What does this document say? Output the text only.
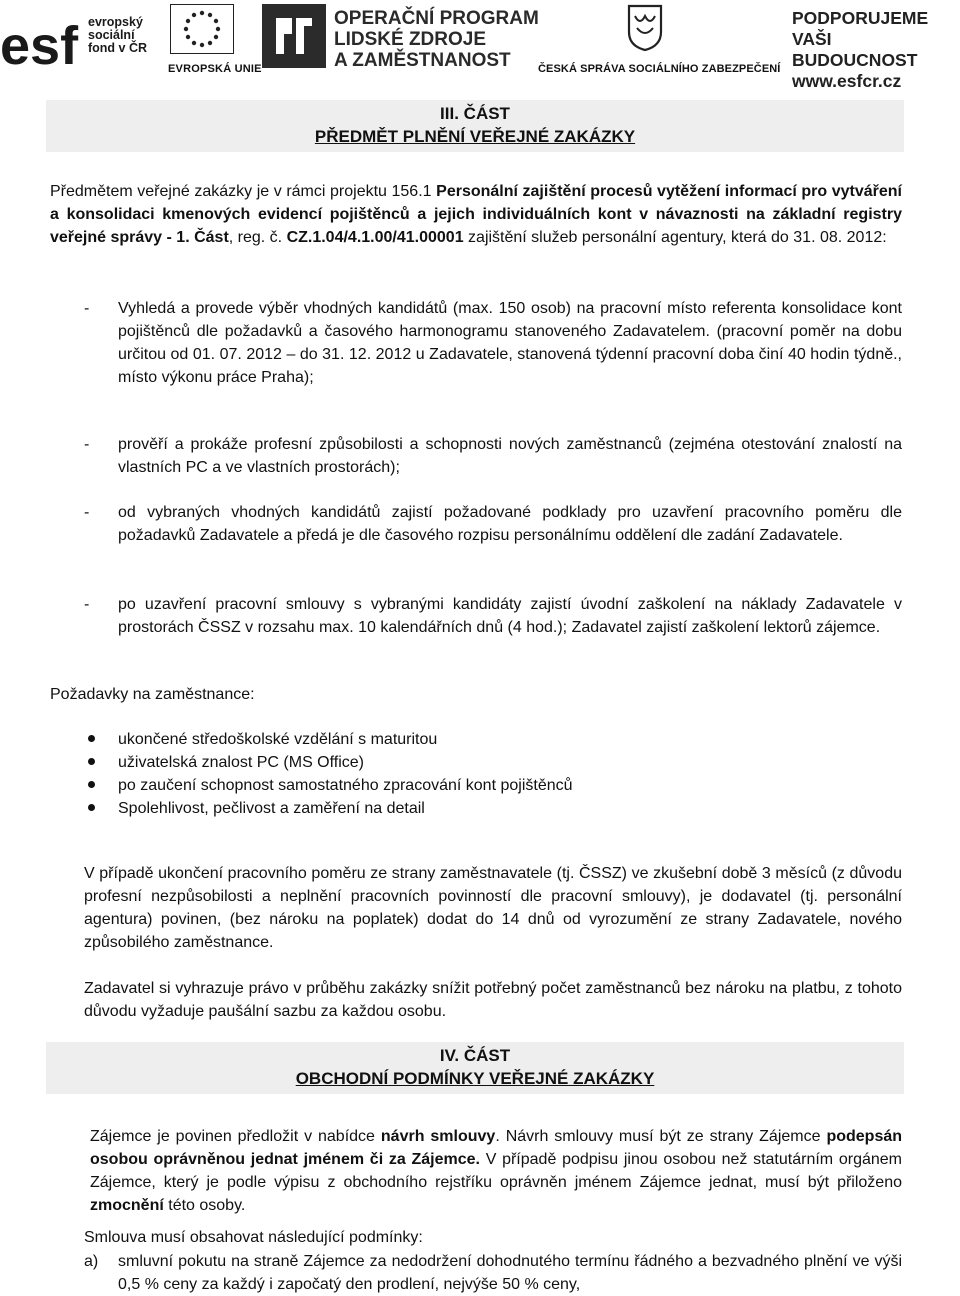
esf evropský
sociální
fond v ČR
EVROPSKÁ UNIE
OPERAČNÍ PROGRAM
LIDSKÉ ZDROJE
A ZAMĚSTNANOST	ČESKÁ SPRÁVA SOCIÁLNÍHO ZABEZPEČENÍ
PODPORUJEME
VAŠI BUDOUCNOST
www.esfcr.cz
III. ČÁST
PŘEDMĚT PLNĚNÍ VEŘEJNÉ ZAKÁZKY
Předmětem veřejné zakázky je v rámci projektu 156.1 Personální zajištění procesů vytěžení informací pro vytváření a konsolidaci kmenových evidencí pojištěnců a jejich individuálních kont v návaznosti na základní registry veřejné správy - 1. Část, reg. č. CZ.1.04/4.1.00/41.00001 zajištění služeb personální agentury, která do 31. 08. 2012:
- Vyhledá a provede výběr vhodných kandidátů (max. 150 osob) na pracovní místo referenta konsolidace kont pojištěnců dle požadavků a časového harmonogramu stanoveného Zadavatelem. (pracovní poměr na dobu určitou od 01. 07. 2012 – do 31. 12. 2012 u Zadavatele, stanovená týdenní pracovní doba činí 40 hodin týdně., místo výkonu práce Praha);
- prověří a prokáže profesní způsobilosti a schopnosti nových zaměstnanců (zejména otestování znalostí na vlastních PC a ve vlastních prostorách);
- od vybraných vhodných kandidátů zajistí požadované podklady pro uzavření pracovního poměru dle požadavků Zadavatele a předá je dle časového rozpisu personálnímu oddělení dle zadání Zadavatele.
- po uzavření pracovní smlouvy s vybranými kandidáty zajistí úvodní zaškolení na náklady Zadavatele v prostorách ČSSZ v rozsahu max. 10 kalendářních dnů (4 hod.); Zadavatel zajistí zaškolení lektorů zájemce.
Požadavky na zaměstnance:
ukončené středoškolské vzdělání s maturitou
uživatelská znalost PC (MS Office)
po zaučení schopnost samostatného zpracování kont pojištěnců
Spolehlivost, pečlivost a zaměření na detail
V případě ukončení pracovního poměru ze strany zaměstnavatele (tj. ČSSZ) ve zkušební době 3 měsíců (z důvodu profesní nezpůsobilosti a neplnění pracovních povinností dle pracovní smlouvy), je dodavatel (tj. personální agentura) povinen, (bez nároku na poplatek) dodat do 14 dnů od vyrozumění ze strany Zadavatele, nového způsobilého zaměstnance.
Zadavatel si vyhrazuje právo v průběhu zakázky snížit potřebný počet zaměstnanců bez nároku na platbu, z tohoto důvodu vyžaduje paušální sazbu za každou osobu.
IV. ČÁST
OBCHODNÍ PODMÍNKY VEŘEJNÉ ZAKÁZKY
Zájemce je povinen předložit v nabídce návrh smlouvy. Návrh smlouvy musí být ze strany Zájemce podepsán osobou oprávněnou jednat jménem či za Zájemce. V případě podpisu jinou osobou než statutárním orgánem Zájemce, který je podle výpisu z obchodního rejstříku oprávněn jménem Zájemce jednat, musí být přiloženo zmocnění této osoby.
Smlouva musí obsahovat následující podmínky:
a) smluvní pokutu na straně Zájemce za nedodržení dohodnutého termínu řádného a bezvadného plnění ve výši 0,5 % ceny za každý i započatý den prodlení, nejvýše 50 % ceny,
